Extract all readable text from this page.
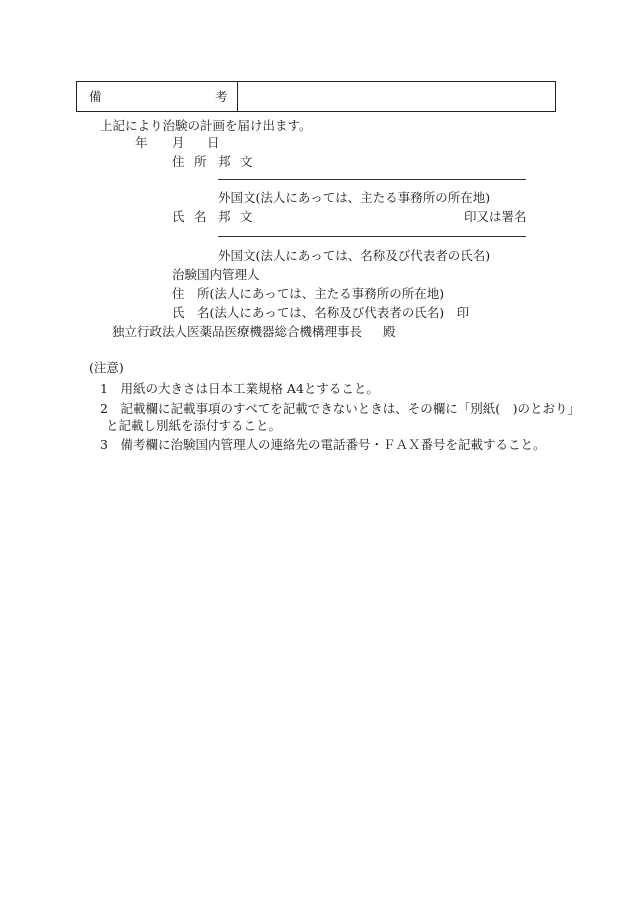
備	考
上記により治験の計画を届け出ます。
年 月 日
住 所 邦 文
外国文(法人にあっては、主たる事務所の所在地)
氏 名 邦 文	印又は署名
外国文(法人にあっては、名称及び代表者の氏名)
治験国内管理人
住　所(法人にあっては、主たる事務所の所在地)
氏　名(法人にあっては、名称及び代表者の氏名)　印
独立行政法人医薬品医療機器総合機構理事長 殿
(注意)
1　用紙の大きさは日本工業規格 A4とすること。
2　記載欄に記載事項のすべてを記載できないときは、その欄に「別紙(　)のとおり」
と記載し別紙を添付すること。
3　備考欄に治験国内管理人の連絡先の電話番号・ＦＡＸ番号を記載すること。
